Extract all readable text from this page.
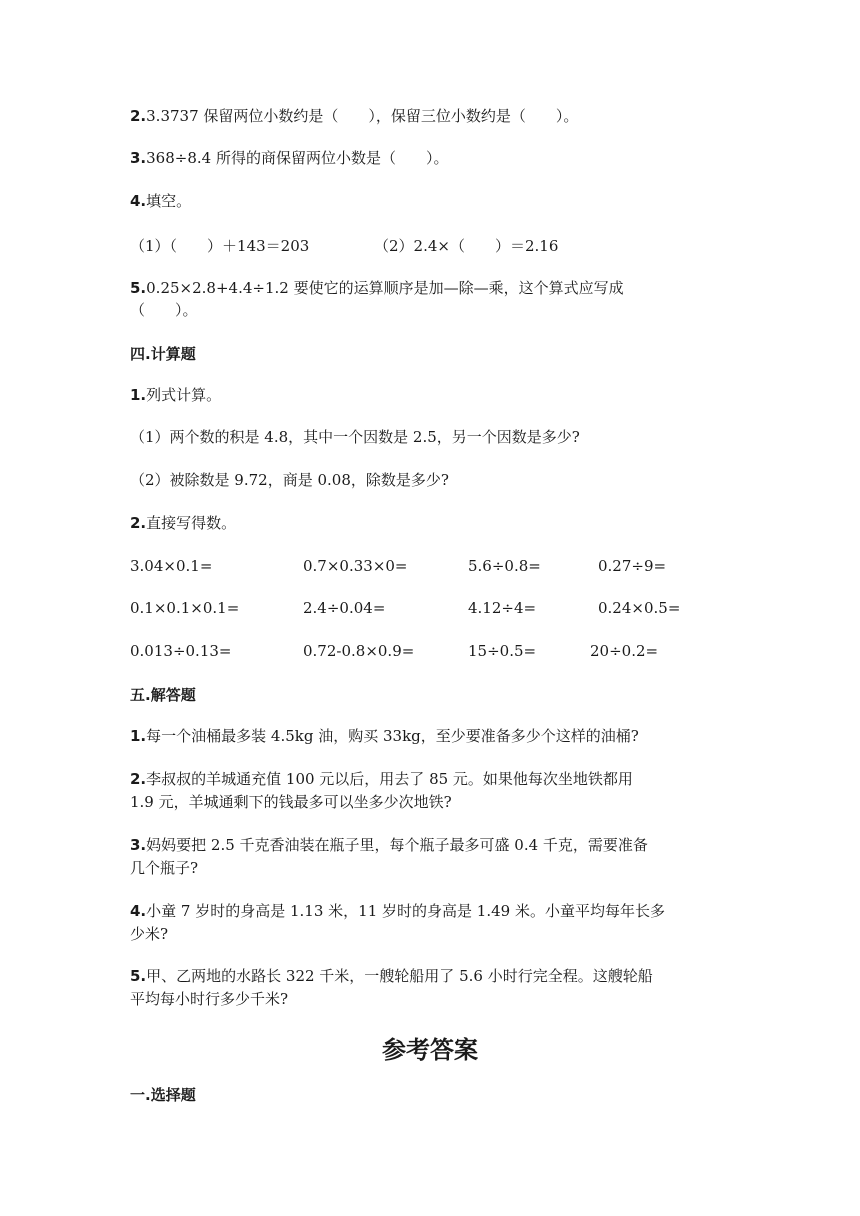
2.3.3737 保留两位小数约是（　　），保留三位小数约是（　　）。
3.368÷8.4 所得的商保留两位小数是（　　）。
4.填空。
（1）（　　）＋143＝203	（2）2.4×（　　）＝2.16
5.0.25×2.8+4.4÷1.2 要使它的运算顺序是加—除—乘，这个算式应写成
（　　）。
四.计算题
1.列式计算。
（1）两个数的积是 4.8，其中一个因数是 2.5，另一个因数是多少?
（2）被除数是 9.72，商是 0.08，除数是多少?
2.直接写得数。
3.04×0.1=	0.7×0.33×0=	5.6÷0.8=	0.27÷9=
0.1×0.1×0.1=	2.4÷0.04=	4.12÷4=	0.24×0.5=
0.013÷0.13=	0.72-0.8×0.9=	15÷0.5=	20÷0.2=
五.解答题
1.每一个油桶最多装 4.5kg 油，购买 33kg，至少要准备多少个这样的油桶?
2.李叔叔的羊城通充值 100 元以后，用去了 85 元。如果他每次坐地铁都用
1.9 元，羊城通剩下的钱最多可以坐多少次地铁?
3.妈妈要把 2.5 千克香油装在瓶子里，每个瓶子最多可盛 0.4 千克，需要准备
几个瓶子?
4.小童 7 岁时的身高是 1.13 米，11 岁时的身高是 1.49 米。小童平均每年长多
少米?
5.甲、乙两地的水路长 322 千米，一艘轮船用了 5.6 小时行完全程。这艘轮船
平均每小时行多少千米?
参考答案
一.选择题
